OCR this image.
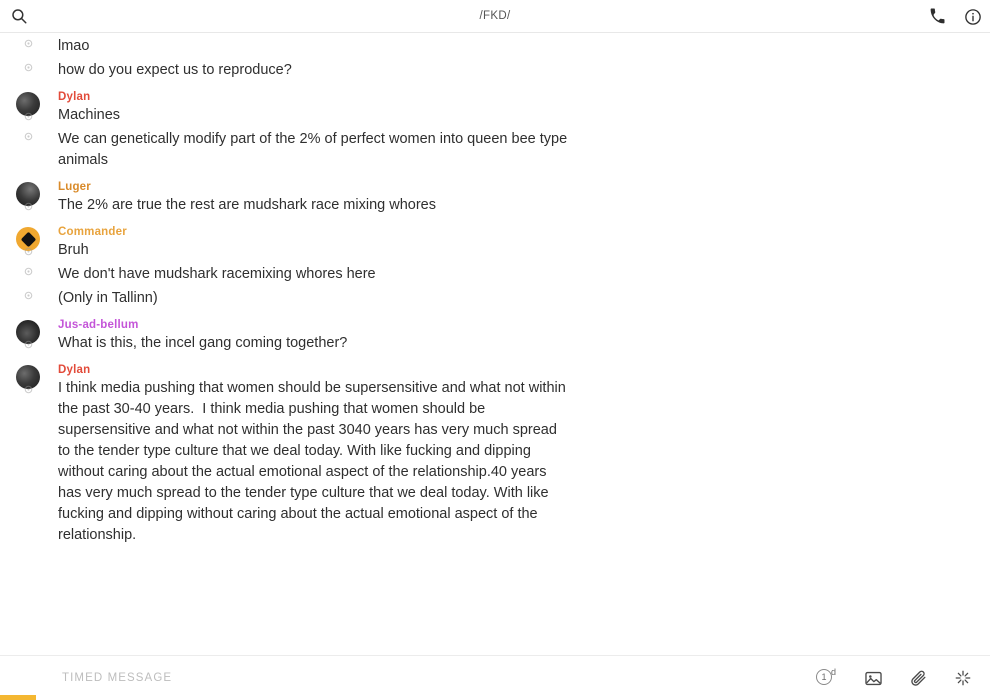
/FKD/
lmao
how do you expect us to reproduce?
Dylan
Machines
We can genetically modify part of the 2% of perfect women into queen bee type animals
Luger
The 2% are true the rest are mudshark race mixing whores
Commander
Bruh
We don't have mudshark racemixing whores here
(Only in Tallinn)
Jus-ad-bellum
What is this, the incel gang coming together?
Dylan
I think media pushing that women should be supersensitive and what not within the past 30-40 years.  I think media pushing that women should be supersensitive and what not within the past 3040 years has very much spread to the tender type culture that we deal today. With like fucking and dipping without caring about the actual emotional aspect of the relationship.40 years has very much spread to the tender type culture that we deal today. With like fucking and dipping without caring about the actual emotional aspect of the relationship.
TIMED MESSAGE
1 d
